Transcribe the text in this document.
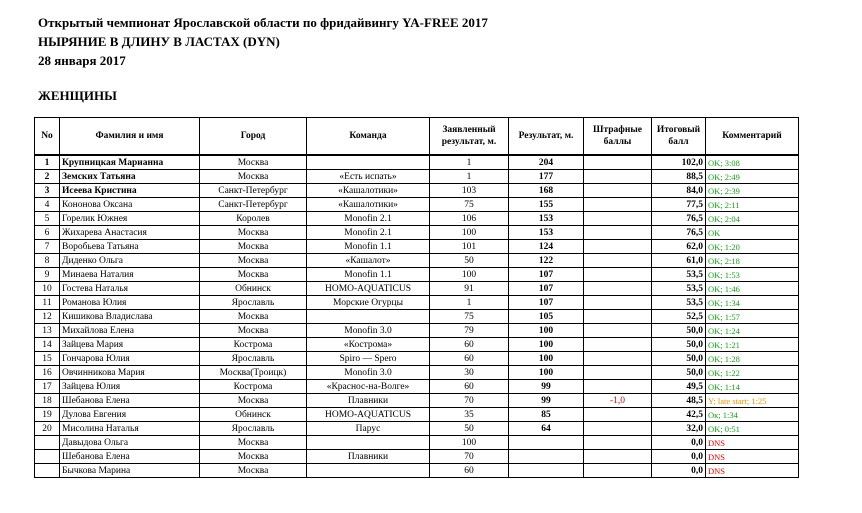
Открытый чемпионат Ярославской области по фридайвингу YA-FREE 2017
НЫРЯНИЕ В ДЛИНУ В ЛАСТАХ (DYN)
28 января 2017
ЖЕНЩИНЫ
No	Фамилия и имя	Город	Команда	Заявленный результат, м.	Результат, м.	Штрафные баллы	Итоговый балл	Комментарий
1	Крупницкая Марианна	Москва		1	204		102,0	OK; 3:08
2	Земских Татьяна	Москва	«Есть испать»	1	177		88,5	OK; 2:49
3	Исеева Кристина	Санкт-Петербург	«Кашалотики»	103	168		84,0	OK; 2:39
4	Кононова Оксана	Санкт-Петербург	«Кашалотики»	75	155		77,5	OK; 2:11
5	Горелик Южнея	Королев	Monofin 2.1	106	153		76,5	OK; 2:04
6	Жихарева Анастасия	Москва	Monofin 2.1	100	153		76,5	OK
7	Воробьева Татьяна	Москва	Monofin 1.1	101	124		62,0	OK; 1:20
8	Диденко Ольга	Москва	«Кашалот»	50	122		61,0	OK; 2:18
9	Минаева Наталия	Москва	Monofin 1.1	100	107		53,5	OK; 1:53
10	Гостева Наталья	Обнинск	HOMO-AQUATICUS	91	107		53,5	OK; 1:46
11	Романова Юлия	Ярославль	Морские Огурцы	1	107		53,5	OK; 1:34
12	Кишикова Владислава	Москва		75	105		52,5	OK; 1:57
13	Михайлова Елена	Москва	Monofin 3.0	79	100		50,0	OK; 1:24
14	Зайцева Мария	Кострома	«Кострома»	60	100		50,0	OK; 1:21
15	Гончарова Юлия	Ярославль	Spiro — Spero	60	100		50,0	OK; 1:28
16	Овчинникова Мария	Москва(Троицк)	Monofin 3.0	30	100		50,0	OK; 1:22
17	Зайцева Юлия	Кострома	«Краснос-на-Волге»	60	99		49,5	OK; 1:14
18	Шебанова Елена	Москва	Плавники	70	99	-1,0	48,5	Y; late start; 1:25
19	Дулова Евгения	Обнинск	HOMO-AQUATICUS	35	85		42,5	Ок; 1:34
20	Мисолина Наталья	Ярославль	Парус	50	64		32,0	OK; 0:51
	Давыдова Ольга	Москва		100			0,0	DNS
	Шебанова Елена	Москва	Плавники	70			0,0	DNS
	Бычкова Марина	Москва		60			0,0	DNS
